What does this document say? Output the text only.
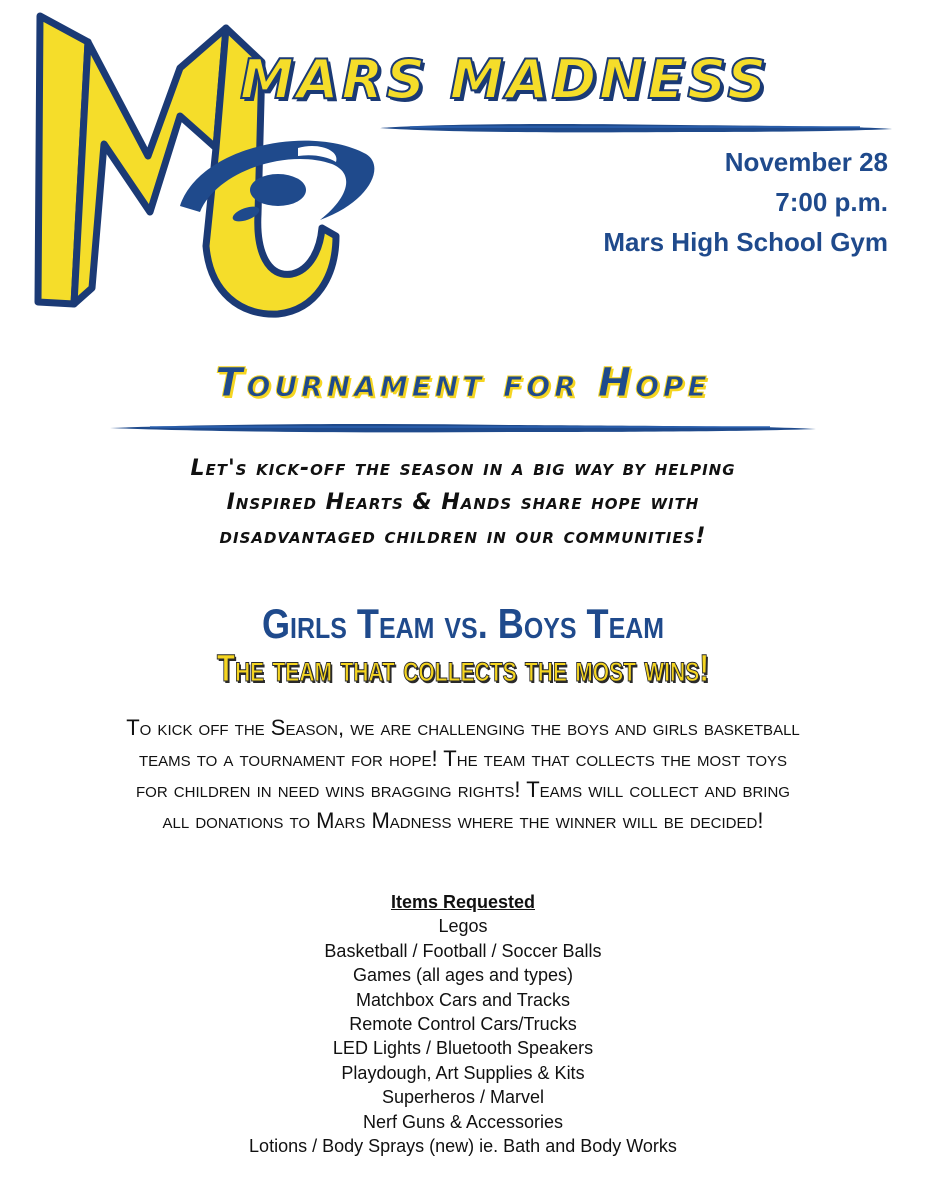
MARS MADNESS
November 28
7:00 p.m.
Mars High School Gym
Tournament for Hope
Let's kick-off the season in a big way by helping
Inspired Hearts & Hands share hope with
disadvantaged children in our communities!
Girls Team vs. Boys Team
The team that collects the most wins!
To kick off the Season, we are challenging the boys and girls basketball
teams to a tournament for hope! The team that collects the most toys
for children in need wins bragging rights! Teams will collect and bring
all donations to Mars Madness where the winner will be decided!
Items Requested
Legos
Basketball / Football / Soccer Balls
Games (all ages and types)
Matchbox Cars and Tracks
Remote Control Cars/Trucks
LED Lights / Bluetooth Speakers
Playdough, Art Supplies & Kits
Superheros / Marvel
Nerf Guns & Accessories
Lotions / Body Sprays (new) ie. Bath and Body Works
